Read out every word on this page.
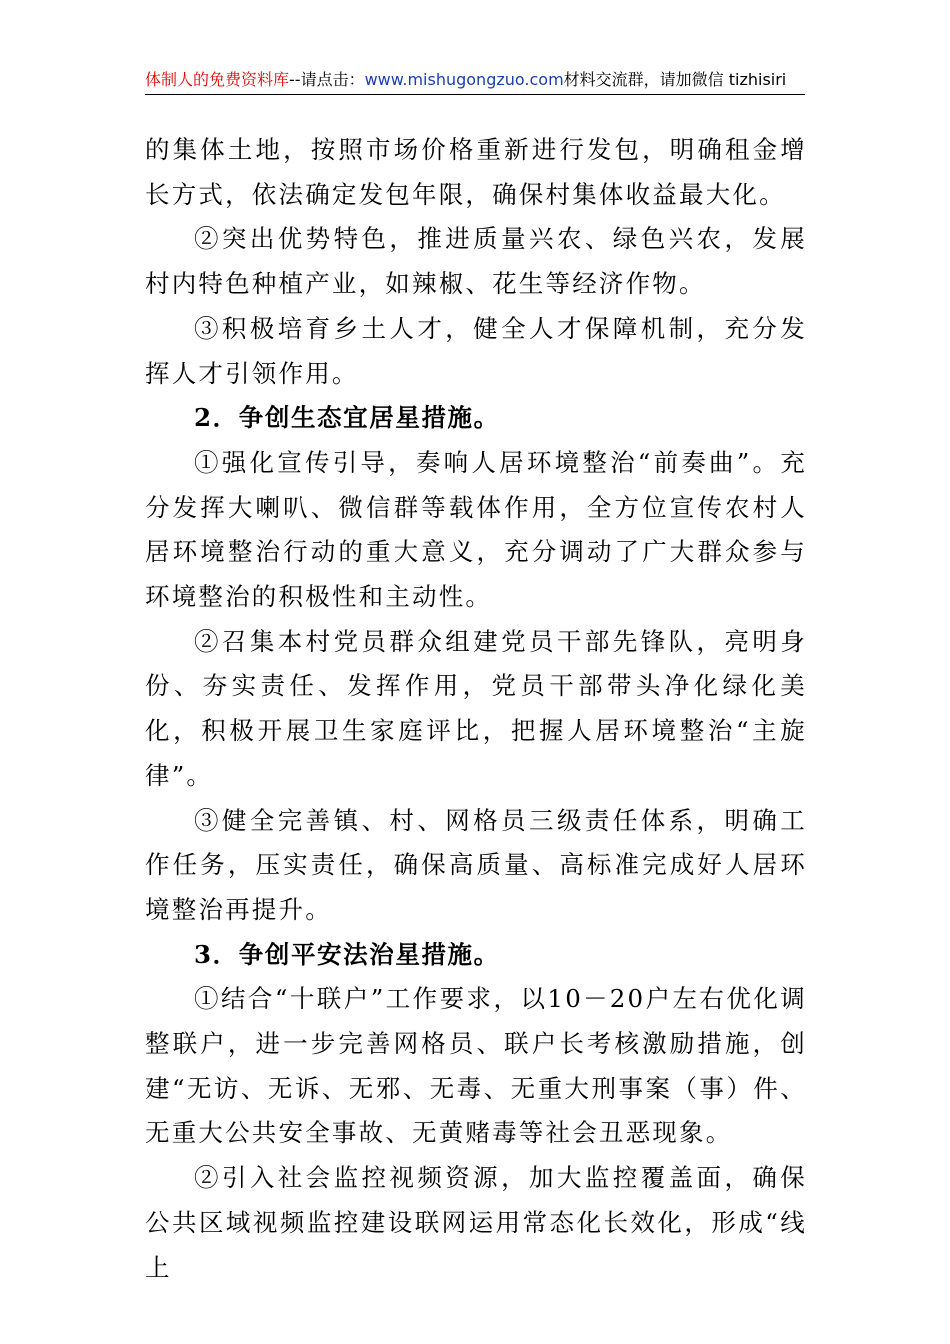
体制人的免费资料库--请点击：www.mishugongzuo.com材料交流群，请加微信 tizhisiri

的集体土地，按照市场价格重新进行发包，明确租金增长方式，依法确定发包年限，确保村集体收益最大化。

②突出优势特色，推进质量兴农、绿色兴农，发展村内特色种植产业，如辣椒、花生等经济作物。

③积极培育乡土人才，健全人才保障机制，充分发挥人才引领作用。

2．争创生态宜居星措施。

①强化宣传引导，奏响人居环境整治“前奏曲”。充分发挥大喇叭、微信群等载体作用，全方位宣传农村人居环境整治行动的重大意义，充分调动了广大群众参与环境整治的积极性和主动性。

②召集本村党员群众组建党员干部先锋队，亮明身份、夯实责任、发挥作用，党员干部带头净化绿化美化，积极开展卫生家庭评比，把握人居环境整治“主旋律”。

③健全完善镇、村、网格员三级责任体系，明确工作任务，压实责任，确保高质量、高标准完成好人居环境整治再提升。

3．争创平安法治星措施。

①结合“十联户”工作要求，以10－20户左右优化调整联户，进一步完善网格员、联户长考核激励措施，创建“无访、无诉、无邪、无毒、无重大刑事案（事）件、无重大公共安全事故、无黄赌毒等社会丑恶现象。

②引入社会监控视频资源，加大监控覆盖面，确保公共区域视频监控建设联网运用常态化长效化，形成“线上
